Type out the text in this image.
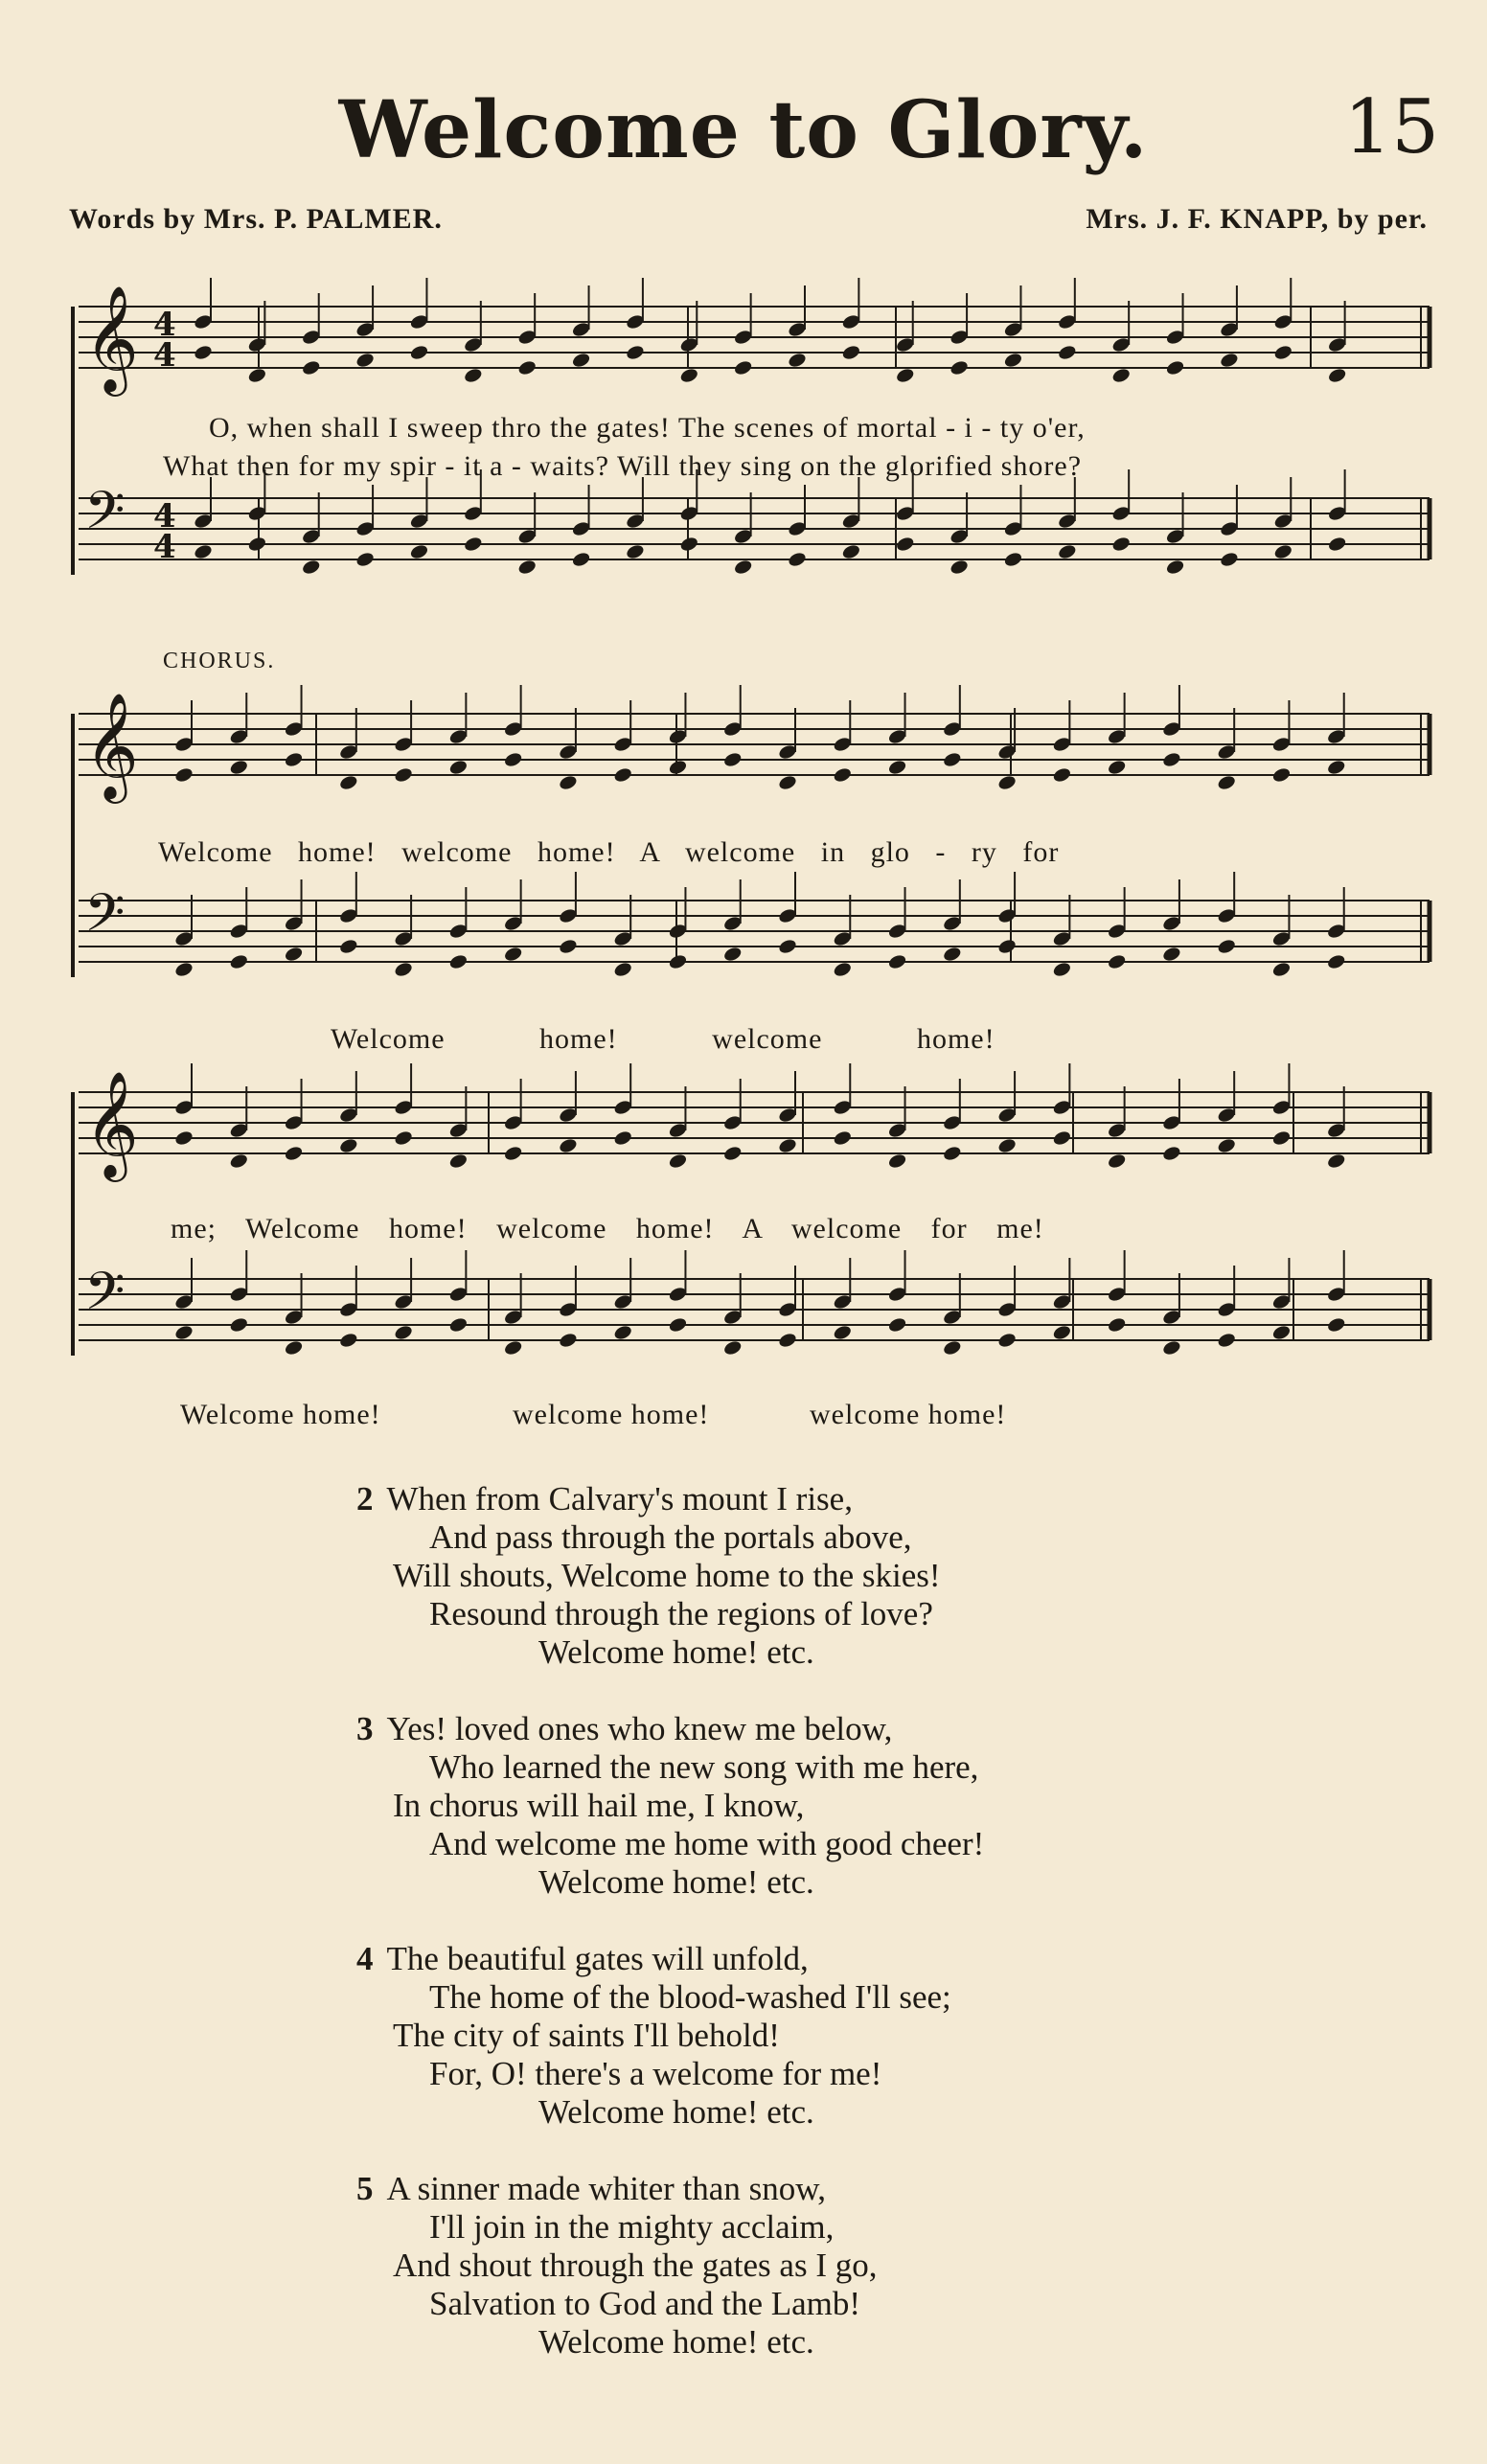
Welcome to Glory.	15
Words by Mrs. P. PALMER.	Mrs. J. F. KNAPP, by per.
𝄞 4
4
𝄢 4
4
𝄞
𝄢
𝄞
𝄢
O, when shall I sweep thro the gates! The scenes of mortal - i - ty o'er,
What then for my spir - it a - waits? Will they sing on the glorified shore?
CHORUS.
Welcome home! welcome home! A welcome in glo - ry for
Welcome home! welcome home!
me; Welcome home! welcome home! A welcome for me!
Welcome home!	welcome home!	welcome home!
2 When from Calvary's mount I rise,
And pass through the portals above,
Will shouts, Welcome home to the skies!
Resound through the regions of love?
Welcome home! etc.
3 Yes! loved ones who knew me below,
Who learned the new song with me here,
In chorus will hail me, I know,
And welcome me home with good cheer!
Welcome home! etc.
4 The beautiful gates will unfold,
The home of the blood-washed I'll see;
The city of saints I'll behold!
For, O! there's a welcome for me!
Welcome home! etc.
5 A sinner made whiter than snow,
I'll join in the mighty acclaim,
And shout through the gates as I go,
Salvation to God and the Lamb!
Welcome home! etc.
